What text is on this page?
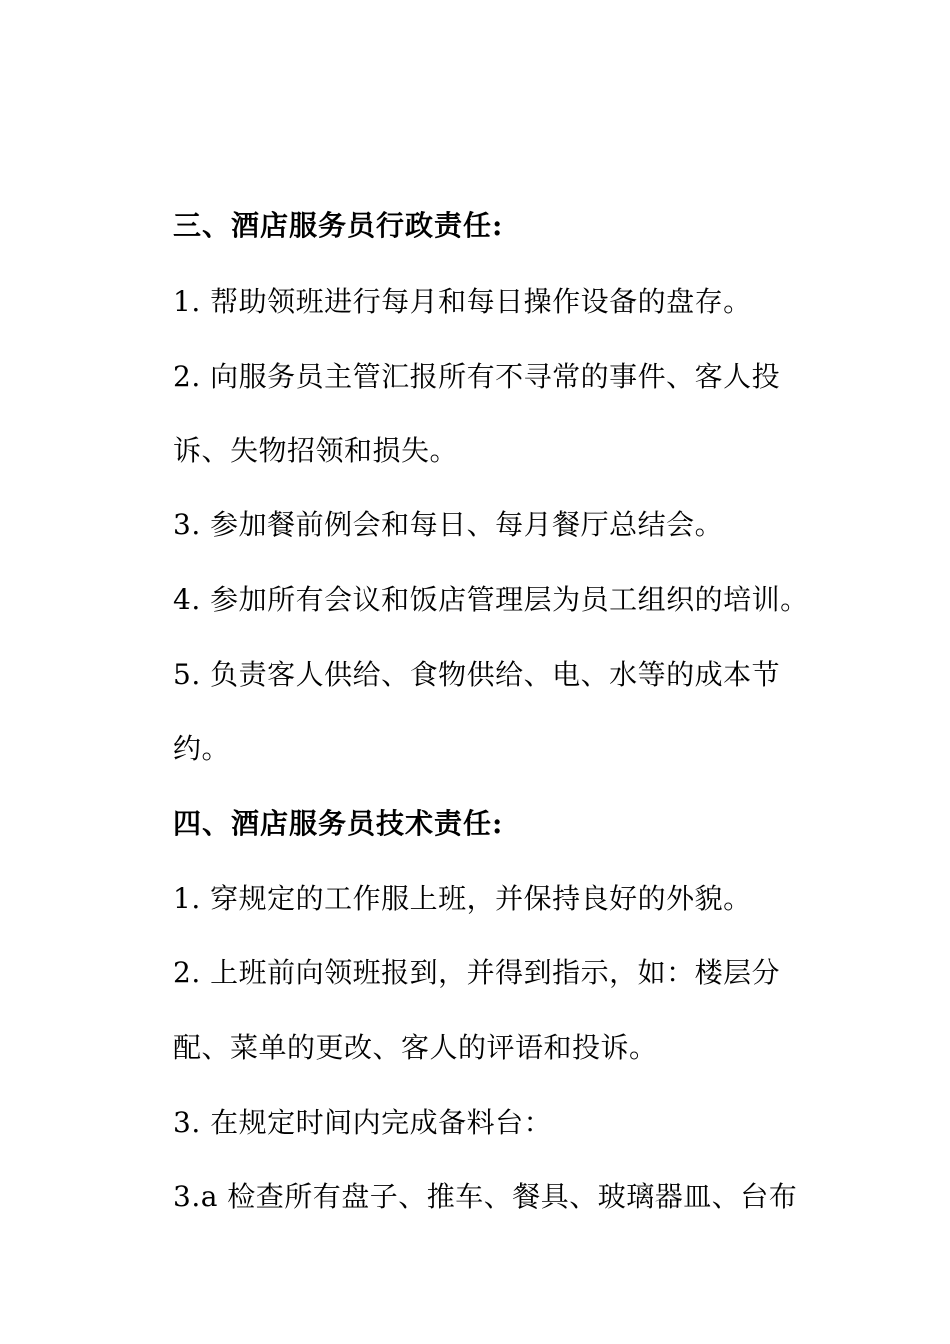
三、酒店服务员行政责任:
1. 帮助领班进行每月和每日操作设备的盘存。
2. 向服务员主管汇报所有不寻常的事件、客人投
诉、失物招领和损失。
3. 参加餐前例会和每日、每月餐厅总结会。
4. 参加所有会议和饭店管理层为员工组织的培训。
5. 负责客人供给、食物供给、电、水等的成本节
约。
四、酒店服务员技术责任:
1. 穿规定的工作服上班，并保持良好的外貌。
2. 上班前向领班报到，并得到指示，如：楼层分
配、菜单的更改、客人的评语和投诉。
3. 在规定时间内完成备料台：
3.a 检查所有盘子、推车、餐具、玻璃器皿、台布
